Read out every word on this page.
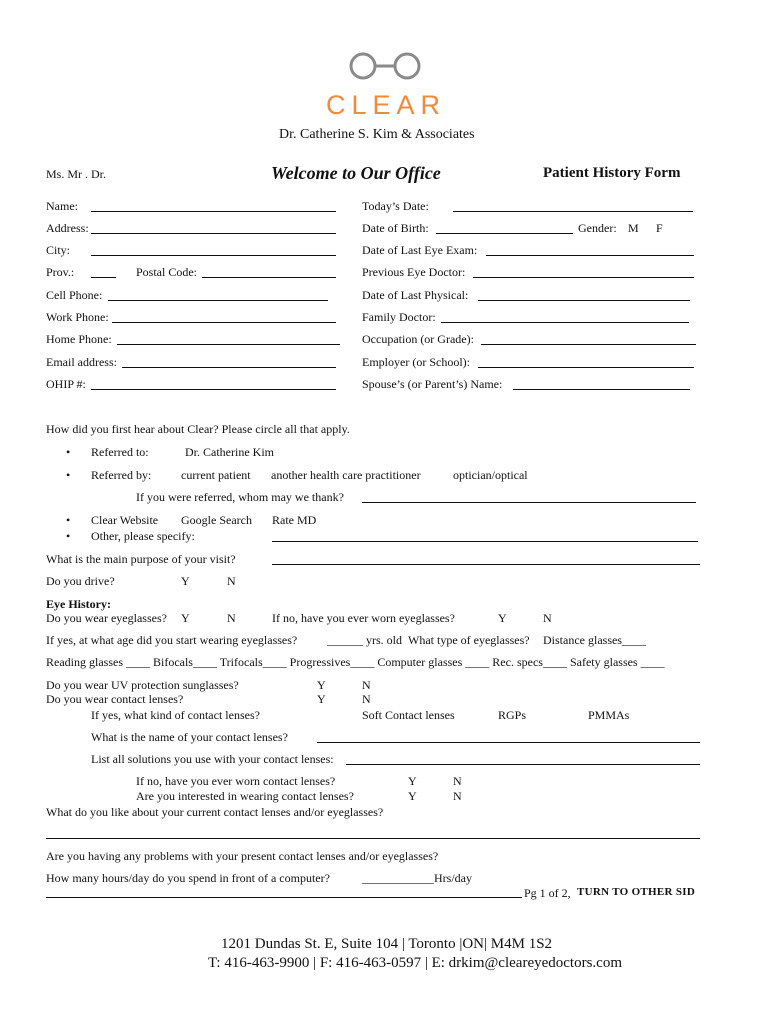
CLEAR
Dr. Catherine S. Kim & Associates
Ms. Mr . Dr.	Welcome to Our Office	Patient History Form
Name:
Address:
City:
Prov.:	Postal Code:
Cell Phone:
Work Phone:
Home Phone:
Email address:
OHIP #:
Today’s Date:
Date of Birth:	Gender: M F
Date of Last Eye Exam:
Previous Eye Doctor:
Date of Last Physical:
Family Doctor:
Occupation (or Grade):
Employer (or School):
Spouse’s (or Parent’s) Name:
How did you first hear about Clear? Please circle all that apply.
• Referred to:	Dr. Catherine Kim
• Referred by: current patient another health care practitioner	optician/optical
If you were referred, whom may we thank?
• Clear Website Google Search Rate MD
• Other, please specify:
What is the main purpose of your visit?
Do you drive?	Y	N
Eye History:
Do you wear eyeglasses? Y	N	If no, have you ever worn eyeglasses?	Y	N
If yes, at what age did you start wearing eyeglasses? ______ yrs. old What type of eyeglasses? Distance glasses____
Reading glasses ____ Bifocals____ Trifocals____ Progressives____ Computer glasses ____ Rec. specs____ Safety glasses ____
Do you wear UV protection sunglasses?	Y	N
Do you wear contact lenses?	Y	N
If yes, what kind of contact lenses?	Soft Contact lenses	RGPs	PMMAs
What is the name of your contact lenses?
List all solutions you use with your contact lenses:
If no, have you ever worn contact lenses?	Y	N
Are you interested in wearing contact lenses?	Y	N
What do you like about your current contact lenses and/or eyeglasses?
Are you having any problems with your present contact lenses and/or eyeglasses?
How many hours/day do you spend in front of a computer?	____________Hrs/day
Pg 1 of 2, TURN TO OTHER SID
1201 Dundas St. E, Suite 104 | Toronto |ON| M4M 1S2
T: 416-463-9900 | F: 416-463-0597 | E: drkim@cleareyedoctors.com
